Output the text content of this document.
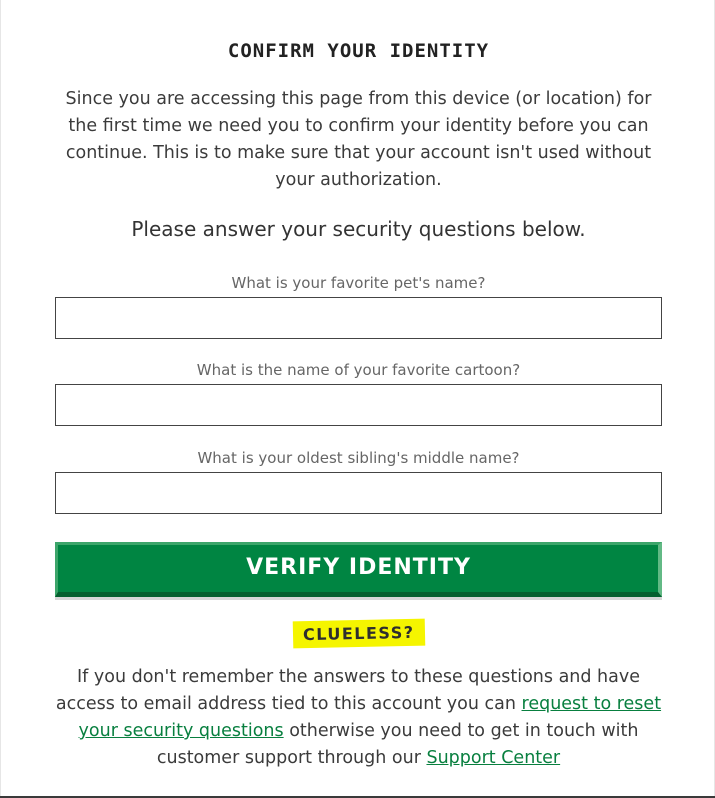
CONFIRM YOUR IDENTITY
Since you are accessing this page from this device (or location) for the first time we need you to confirm your identity before you can continue. This is to make sure that your account isn't used without your authorization.
Please answer your security questions below.
What is your favorite pet's name?
What is the name of your favorite cartoon?
What is your oldest sibling's middle name?
VERIFY IDENTITY
CLUELESS?
If you don't remember the answers to these questions and have access to email address tied to this account you can request to reset your security questions otherwise you need to get in touch with customer support through our Support Center
